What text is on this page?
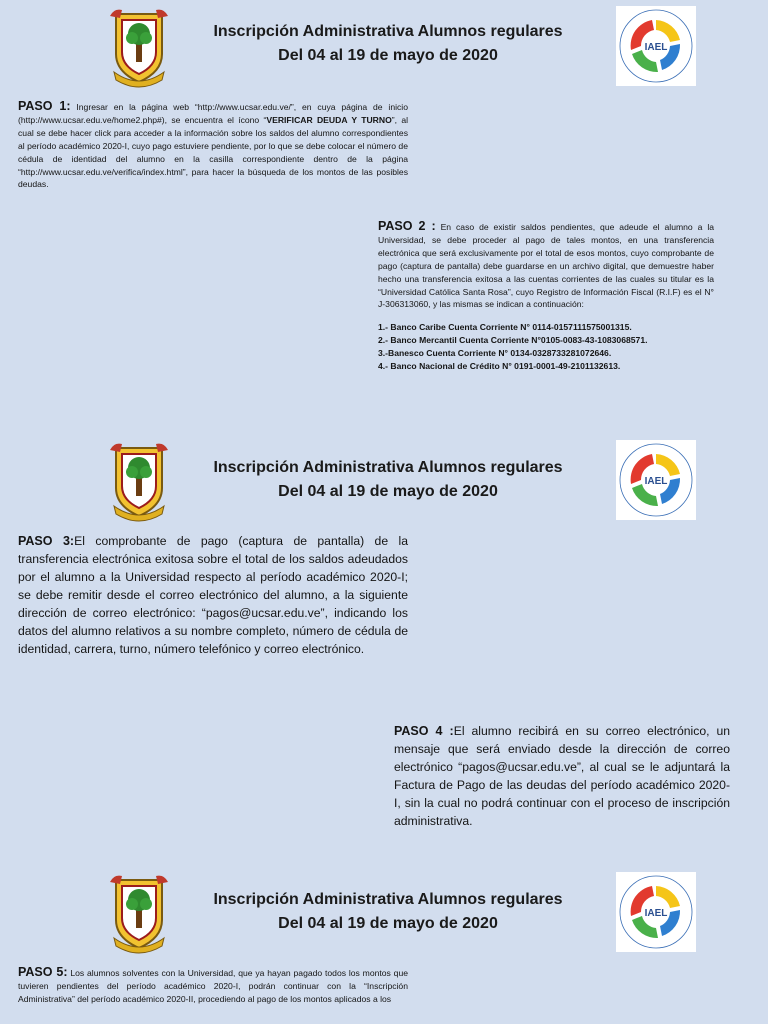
Inscripción Administrativa Alumnos regulares
Del 04 al 19 de mayo de 2020	IAEL
PASO 1: Ingresar en la página web “http://www.ucsar.edu.ve/”, en cuya página de inicio (http://www.ucsar.edu.ve/home2.php#), se encuentra el ícono “VERIFICAR DEUDA Y TURNO”, al cual se debe hacer click para acceder a la información sobre los saldos del alumno correspondientes al período académico 2020-I, cuyo pago estuviere pendiente, por lo que se debe colocar el número de cédula de identidad del alumno en la casilla correspondiente dentro de la página “http://www.ucsar.edu.ve/verifica/index.html”, para hacer la búsqueda de los montos de las posibles deudas.
PASO 2 : En caso de existir saldos pendientes, que adeude el alumno a la Universidad, se debe proceder al pago de tales montos, en una transferencia electrónica que será exclusivamente por el total de esos montos, cuyo comprobante de pago (captura de pantalla) debe guardarse en un archivo digital, que demuestre haber hecho una transferencia exitosa a las cuentas corrientes de las cuales su titular es la “Universidad Católica Santa Rosa”, cuyo Registro de Información Fiscal (R.I.F) es el N° J-306313060, y las mismas se indican a continuación:
1.- Banco Caribe Cuenta Corriente N° 0114-0157111575001315.
2.- Banco Mercantil Cuenta Corriente N°0105-0083-43-1083068571.
3.-Banesco Cuenta Corriente N° 0134-0328733281072646.
4.- Banco Nacional de Crédito N° 0191-0001-49-2101132613.
Inscripción Administrativa Alumnos regulares
Del 04 al 19 de mayo de 2020
IAEL
PASO 3:El comprobante de pago (captura de pantalla) de la transferencia electrónica exitosa sobre el total de los saldos adeudados por el alumno a la Universidad respecto al período académico 2020-I; se debe remitir desde el correo electrónico del alumno, a la siguiente dirección de correo electrónico: “pagos@ucsar.edu.ve”, indicando los datos del alumno relativos a su nombre completo, número de cédula de identidad, carrera, turno, número telefónico y correo electrónico.
PASO 4 :El alumno recibirá en su correo electrónico, un mensaje que será enviado desde la dirección de correo electrónico “pagos@ucsar.edu.ve”, al cual se le adjuntará la Factura de Pago de las deudas del período académico 2020-I, sin la cual no podrá continuar con el proceso de inscripción administrativa.
Inscripción Administrativa Alumnos regulares
Del 04 al 19 de mayo de 2020
IAEL
PASO 5: Los alumnos solventes con la Universidad, que ya hayan pagado todos los montos que tuvieren pendientes del período académico 2020-I, podrán continuar con la “Inscripción Administrativa” del período académico 2020-II, procediendo al pago de los montos aplicados a los
